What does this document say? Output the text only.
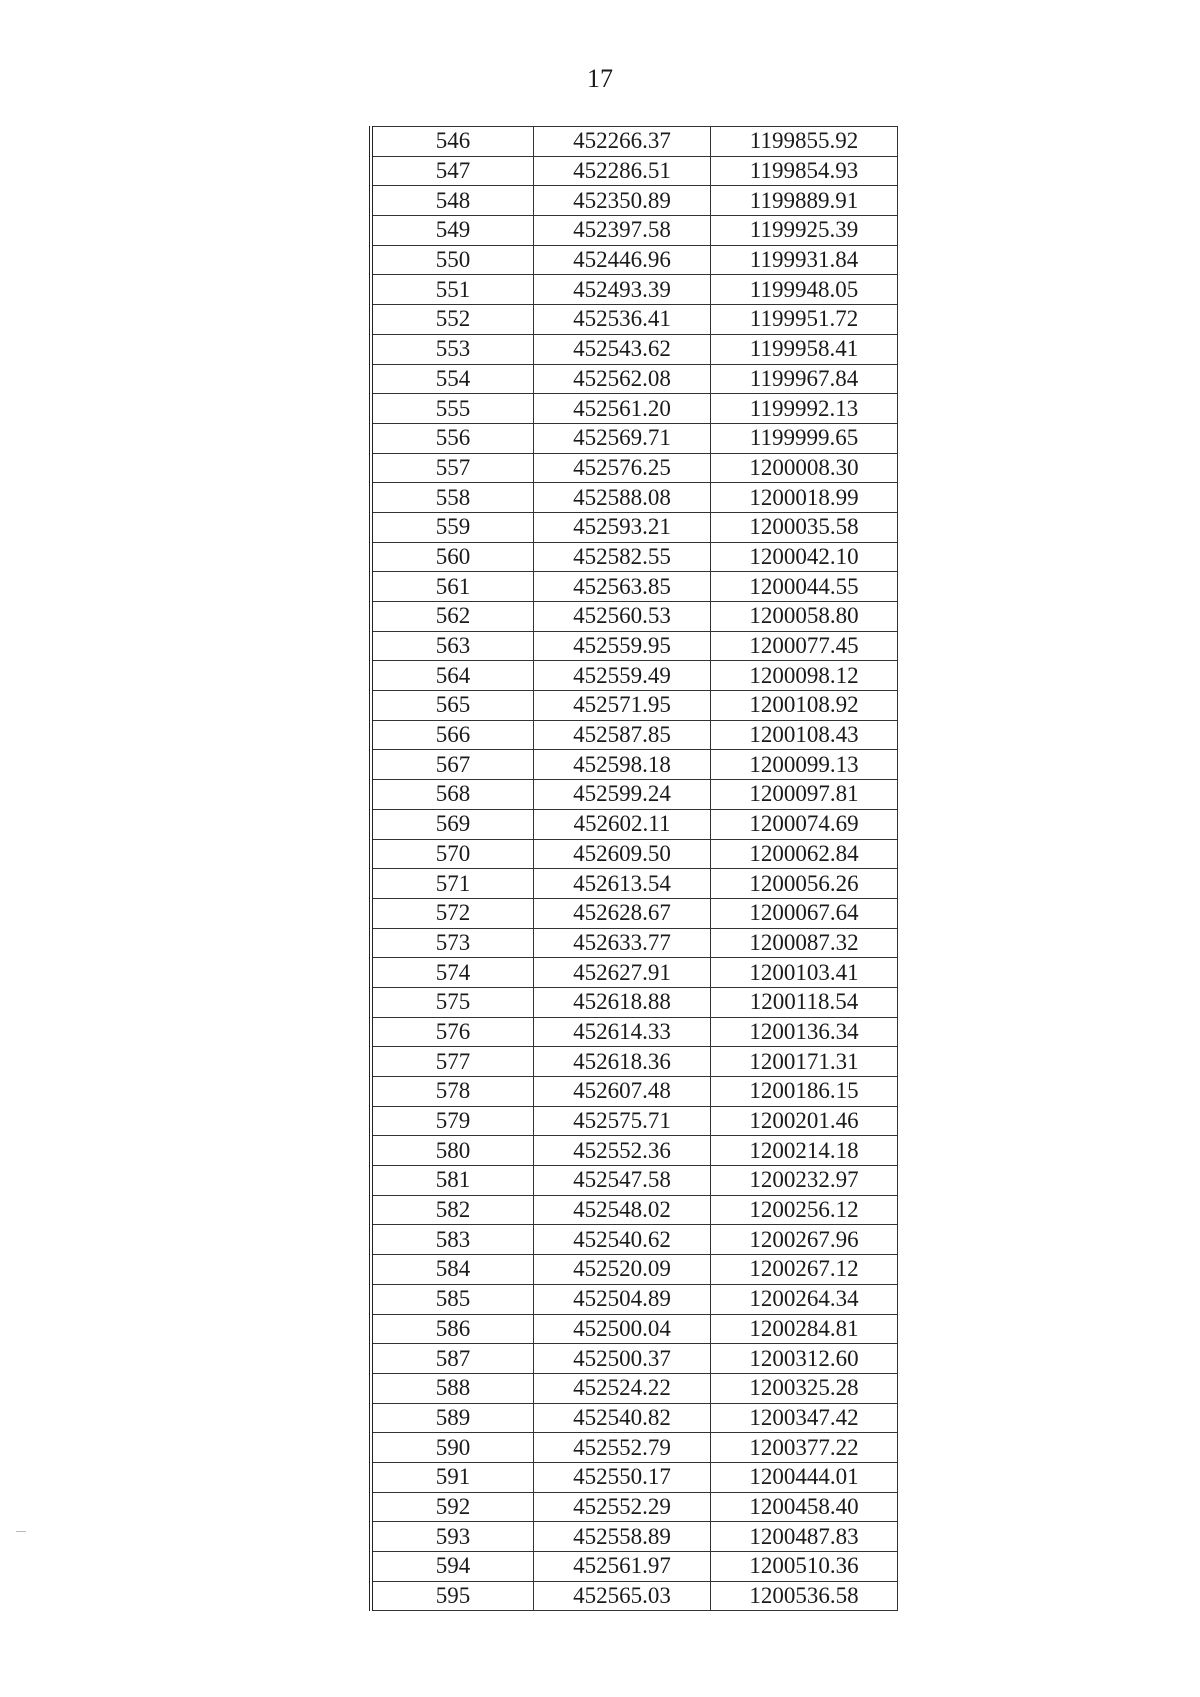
17
546	452266.37	1199855.92
547	452286.51	1199854.93
548	452350.89	1199889.91
549	452397.58	1199925.39
550	452446.96	1199931.84
551	452493.39	1199948.05
552	452536.41	1199951.72
553	452543.62	1199958.41
554	452562.08	1199967.84
555	452561.20	1199992.13
556	452569.71	1199999.65
557	452576.25	1200008.30
558	452588.08	1200018.99
559	452593.21	1200035.58
560	452582.55	1200042.10
561	452563.85	1200044.55
562	452560.53	1200058.80
563	452559.95	1200077.45
564	452559.49	1200098.12
565	452571.95	1200108.92
566	452587.85	1200108.43
567	452598.18	1200099.13
568	452599.24	1200097.81
569	452602.11	1200074.69
570	452609.50	1200062.84
571	452613.54	1200056.26
572	452628.67	1200067.64
573	452633.77	1200087.32
574	452627.91	1200103.41
575	452618.88	1200118.54
576	452614.33	1200136.34
577	452618.36	1200171.31
578	452607.48	1200186.15
579	452575.71	1200201.46
580	452552.36	1200214.18
581	452547.58	1200232.97
582	452548.02	1200256.12
583	452540.62	1200267.96
584	452520.09	1200267.12
585	452504.89	1200264.34
586	452500.04	1200284.81
587	452500.37	1200312.60
588	452524.22	1200325.28
589	452540.82	1200347.42
590	452552.79	1200377.22
591	452550.17	1200444.01
592	452552.29	1200458.40
593	452558.89	1200487.83
594	452561.97	1200510.36
595	452565.03	1200536.58
